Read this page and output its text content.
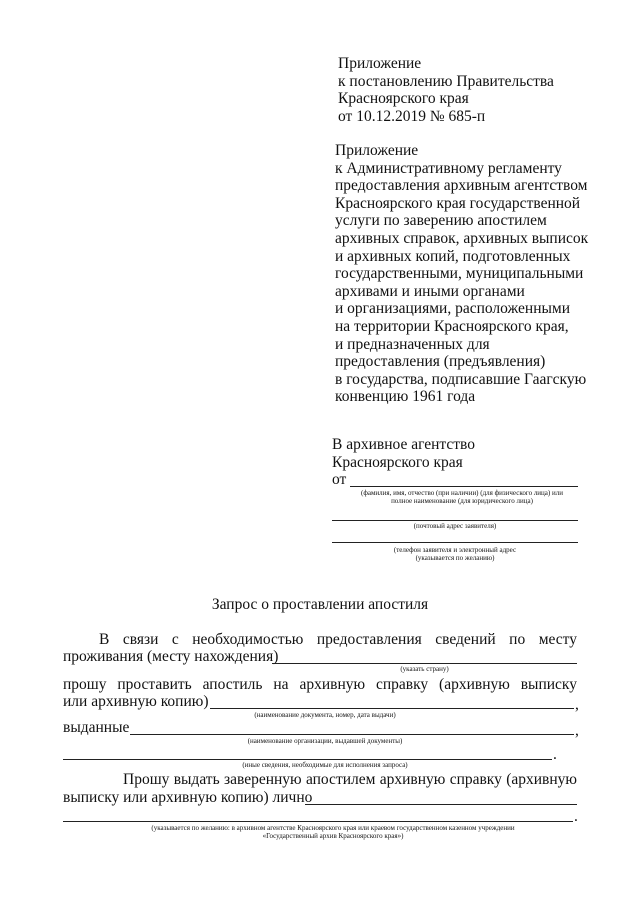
Приложение
к постановлению Правительства
Красноярского края
от 10.12.2019 № 685-п
Приложение
к Административному регламенту
предоставления архивным агентством
Красноярского края государственной
услуги по заверению апостилем
архивных справок, архивных выписок
и архивных копий, подготовленных
государственными, муниципальными
архивами и иными органами
и организациями, расположенными
на территории Красноярского края,
и предназначенных для
предоставления (предъявления)
в государства, подписавшие Гаагскую
конвенцию 1961 года
В архивное агентство
Красноярского края
от
(фамилия, имя, отчество (при наличии) (для физического лица) или
полное наименование (для юридического лица)
(почтовый адрес заявителя)
(телефон заявителя и электронный адрес
(указывается по желанию)
Запрос о проставлении апостиля
В связи с необходимостью предоставления сведений по месту
проживания (месту нахождения)
(указать страну)
прошу проставить апостиль на архивную справку (архивную выписку
или архивную копию)	,
(наименование документа, номер, дата выдачи)
выданные	,
(наименование организации, выдавшей документы)
.
(иные сведения, необходимые для исполнения запроса)
Прошу выдать заверенную апостилем архивную справку (архивную
выписку или архивную копию) лично
.
(указывается по желанию: в архивном агентстве Красноярского края или краевом государственном казенном учреждении
«Государственный архив Красноярского края»)
